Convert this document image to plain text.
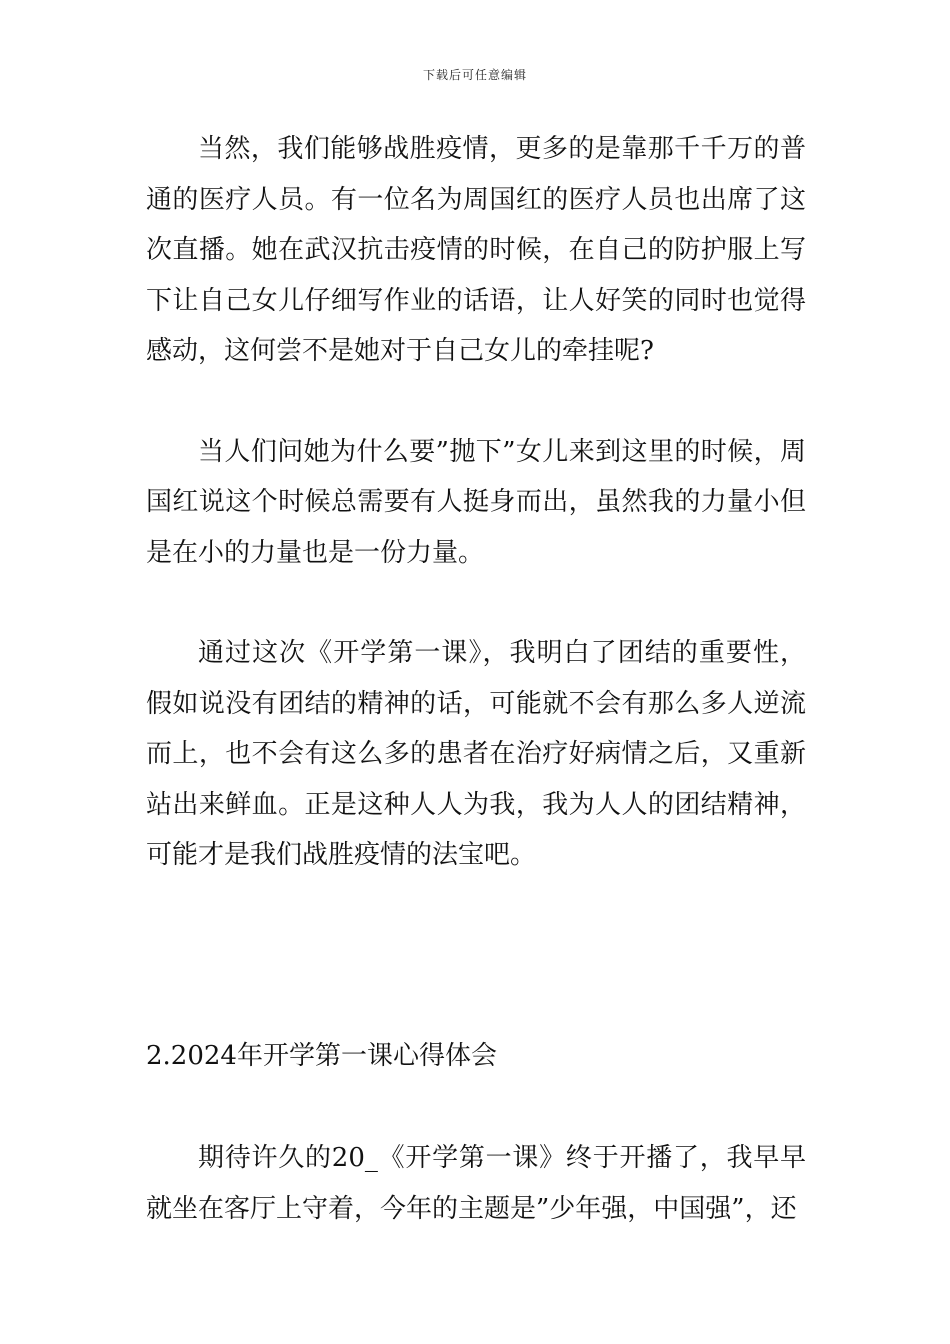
下载后可任意编辑

当然，我们能够战胜疫情，更多的是靠那千千万的普通的医疗人员。有一位名为周国红的医疗人员也出席了这次直播。她在武汉抗击疫情的时候，在自己的防护服上写下让自己女儿仔细写作业的话语，让人好笑的同时也觉得感动，这何尝不是她对于自己女儿的牵挂呢?

当人们问她为什么要”抛下”女儿来到这里的时候，周国红说这个时候总需要有人挺身而出，虽然我的力量小但是在小的力量也是一份力量。

通过这次《开学第一课》，我明白了团结的重要性，假如说没有团结的精神的话，可能就不会有那么多人逆流而上，也不会有这么多的患者在治疗好病情之后，又重新站出来鲜血。正是这种人人为我，我为人人的团结精神，可能才是我们战胜疫情的法宝吧。

2.2024年开学第一课心得体会

期待许久的20_《开学第一课》终于开播了，我早早就坐在客厅上守着，今年的主题是”少年强，中国强”，还
